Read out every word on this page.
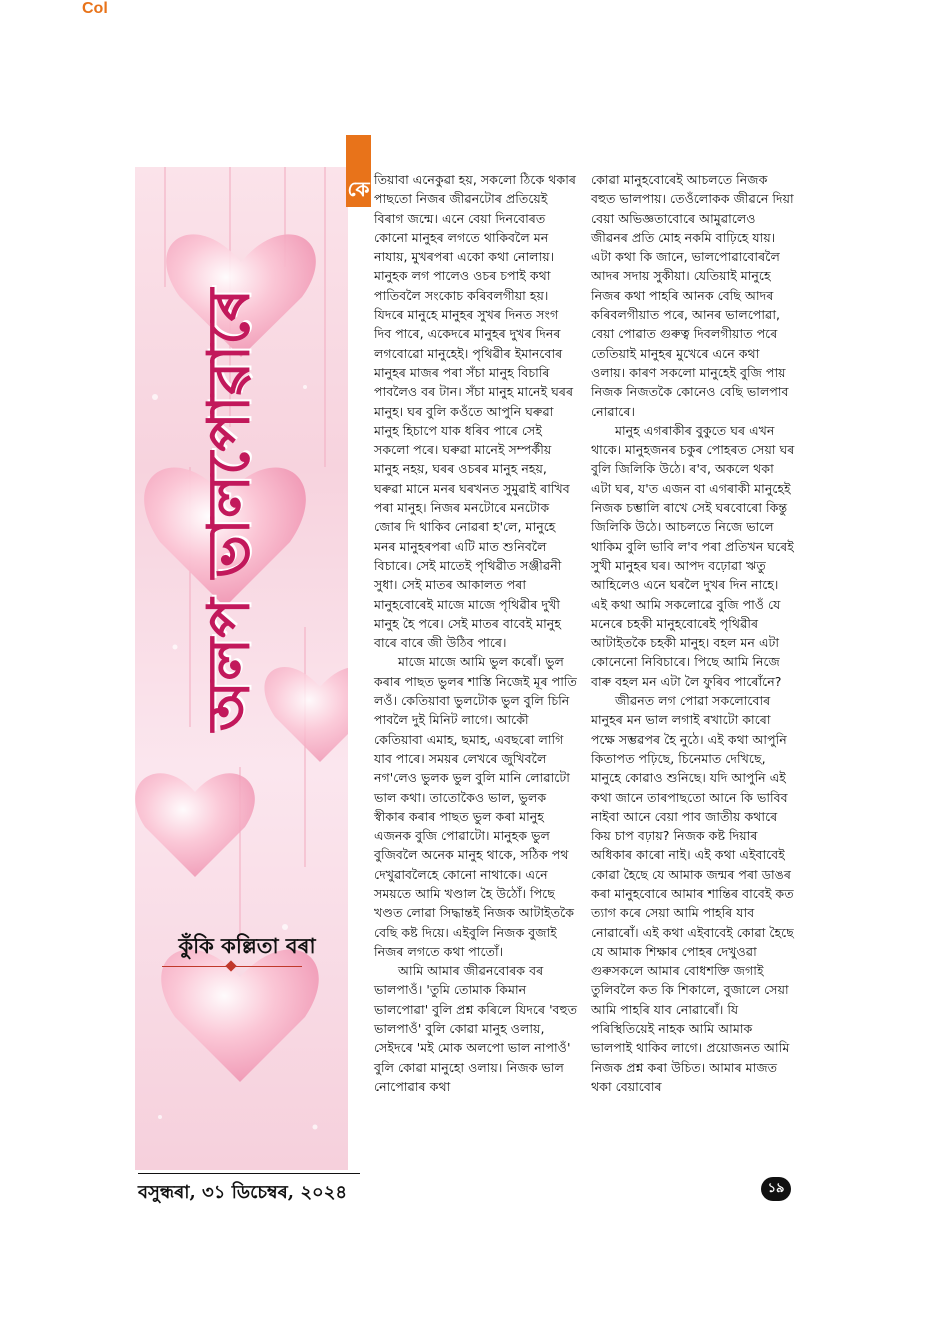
Col
অলপ ভালপোৱাৰে
কুঁকি কল্লিতা বৰা
কে তিয়াবা এনেকুৱা হয়, সকলো ঠিকে থকাৰ পাছতো নিজৰ জীৱনটোৰ প্ৰতিয়েই বিৰাগ জন্মে। এনে বেয়া দিনবোৰত কোনো মানুহৰ লগতে থাকিবলৈ মন নাযায়, মুখৰপৰা একো কথা নোলায়। মানুহক লগ পালেও ওচৰ চপাই কথা পাতিবলৈ সংকোচ কৰিবলগীয়া হয়। যিদৰে মানুহে মানুহৰ সুখৰ দিনত সংগ দিব পাৰে, একেদৰে মানুহৰ দুখৰ দিনৰ লগবোৱো মানুহেই। পৃথিৱীৰ ইমানবোৰ মানুহৰ মাজৰ পৰা সঁচা মানুহ বিচাৰি পাবলৈও বৰ টান। সঁচা মানুহ মানেই ঘৰৰ মানুহ। ঘৰ বুলি কওঁতে আপুনি ঘৰুৱা মানুহ হিচাপে যাক ধৰিব পাৰে সেই সকলো পৰে। ঘৰুৱা মানেই সম্পৰ্কীয় মানুহ নহয়, ঘৰৰ ওচৰৰ মানুহ নহয়, ঘৰুৱা মানে মনৰ ঘৰখনত সুমুৱাই ৰাখিব পৰা মানুহ। নিজৰ মনটোৰে মনটোক জোৰ দি থাকিব নোৱৰা হ'লে, মানুহে মনৰ মানুহৰপৰা এটি মাত শুনিবলৈ বিচাৰে। সেই মাতেই পৃথিৱীত সঞ্জীৱনী সুধা। সেই মাতৰ আকালত পৰা মানুহবোৰেই মাজে মাজে পৃথিৱীৰ দুখী মানুহ হৈ পৰে। সেই মাতৰ বাবেই মানুহ বাৰে বাৰে জী উঠিব পাৰে।

মাজে মাজে আমি ভুল কৰোঁ। ভুল কৰাৰ পাছত ভুলৰ শাস্তি নিজেই মূৰ পাতি লওঁ। কেতিয়াবা ভুলটোক ভুল বুলি চিনি পাবলৈ দুই মিনিট লাগে। আকৌ কেতিয়াবা এমাহ, ছমাহ, এবছৰো লাগি যাব পাৰে। সময়ৰ লেখৰে জুখিবলৈ নগ'লেও ভুলক ভুল বুলি মানি লোৱাটো ভাল কথা। তাতোকৈও ভাল, ভুলক স্বীকাৰ কৰাৰ পাছত ভুল কৰা মানুহ এজনক বুজি পোৱাটো। মানুহক ভুল বুজিবলৈ অনেক মানুহ থাকে, সঠিক পথ দেখুৱাবলৈহে কোনো নাথাকে। এনে সময়তে আমি খণ্ডাল হৈ উঠোঁ। পিছে খণ্ডত লোৱা সিদ্ধান্তই নিজক আটাইতকৈ বেছি কষ্ট দিয়ে। এইবুলি নিজক বুজাই নিজৰ লগতে কথা পাতোঁ।

আমি আমাৰ জীৱনবোৰক বৰ ভালপাওঁ। 'তুমি তোমাক কিমান ভালপোৱা' বুলি প্ৰশ্ন কৰিলে যিদৰে 'বহুত ভালপাওঁ' বুলি কোৱা মানুহ ওলায়, সেইদৰে 'মই মোক অলপো ভাল নাপাওঁ' বুলি কোৱা মানুহো ওলায়। নিজক ভাল নোপোৱাৰ কথা

কোৱা মানুহবোৰেই আচলতে নিজক বহুত ভালপায়। তেওঁলোকক জীৱনে দিয়া বেয়া অভিজ্ঞতাবোৰে আমুৱালেও জীৱনৰ প্ৰতি মোহ নকমি বাঢ়িহে যায়। এটা কথা কি জানে, ভালপোৱাবোৰলৈ আদৰ সদায় সুকীয়া। যেতিয়াই মানুহে নিজৰ কথা পাহৰি আনক বেছি আদৰ কৰিবলগীয়াত পৰে, আনৰ ভালপোৱা, বেয়া পোৱাত গুৰুত্ব দিবলগীয়াত পৰে তেতিয়াই মানুহৰ মুখেৰে এনে কথা ওলায়। কাৰণ সকলো মানুহেই বুজি পায় নিজক নিজতকৈ কোনেও বেছি ভালপাব নোৱাৰে।

মানুহ এগৰাকীৰ বুকুতে ঘৰ এখন থাকে। মানুহজনৰ চকুৰ পোহৰত সেয়া ঘৰ বুলি জিলিকি উঠে। ৰ'ব, অকলে থকা এটা ঘৰ, য'ত এজন বা এগৰাকী মানুহেই নিজক চম্ভালি ৰাখে সেই ঘৰবোৰো কিন্তু জিলিকি উঠে। আচলতে নিজে ভালে থাকিম বুলি ভাবি ল'ব পৰা প্ৰতিখন ঘৰেই সুখী মানুহৰ ঘৰ। আপদ বঢ়োৱা ঋতু আহিলেও এনে ঘৰলৈ দুখৰ দিন নাহে। এই কথা আমি সকলোৱে বুজি পাওঁ যে মনেৰে চহকী মানুহবোৰেই পৃথিৱীৰ আটাইতকৈ চহকী মানুহ। বহল মন এটা কোনেনো নিবিচাৰে। পিছে আমি নিজে বাৰু বহল মন এটা লৈ ফুৰিব পাৰোঁনে?

জীৱনত লগ পোৱা সকলোবোৰ মানুহৰ মন ভাল লগাই ৰখাটো কাৰো পক্ষে সম্ভৱপৰ হৈ নুঠে। এই কথা আপুনি কিতাপত পঢ়িছে, চিনেমাত দেখিছে, মানুহে কোৱাও শুনিছে। যদি আপুনি এই কথা জানে তাৰপাছতো আনে কি ভাবিব নাইবা আনে বেয়া পাব জাতীয় কথাৰে কিয় চাপ বঢ়ায়? নিজক কষ্ট দিয়াৰ অধিকাৰ কাৰো নাই। এই কথা এইবাবেই কোৱা হৈছে যে আমাক জন্মৰ পৰা ডাঙৰ কৰা মানুহবোৰে আমাৰ শান্তিৰ বাবেই কত ত্যাগ কৰে সেয়া আমি পাহৰি যাব নোৱাৰোঁ। এই কথা এইবাবেই কোৱা হৈছে যে আমাক শিক্ষাৰ পোহৰ দেখুওৱা গুৰুসকলে আমাৰ বোধশক্তি জগাই তুলিবলৈ কত কি শিকালে, বুজালে সেয়া আমি পাহৰি যাব নোৱাৰোঁ। যি পৰিস্থিতিয়েই নাহক আমি আমাক ভালপাই থাকিব লাগে। প্ৰয়োজনত আমি নিজক প্ৰশ্ন কৰা উচিত। আমাৰ মাজত থকা বেয়াবোৰ

বসুন্ধৰা, ৩১ ডিচেম্বৰ, ২০২৪	১৯
